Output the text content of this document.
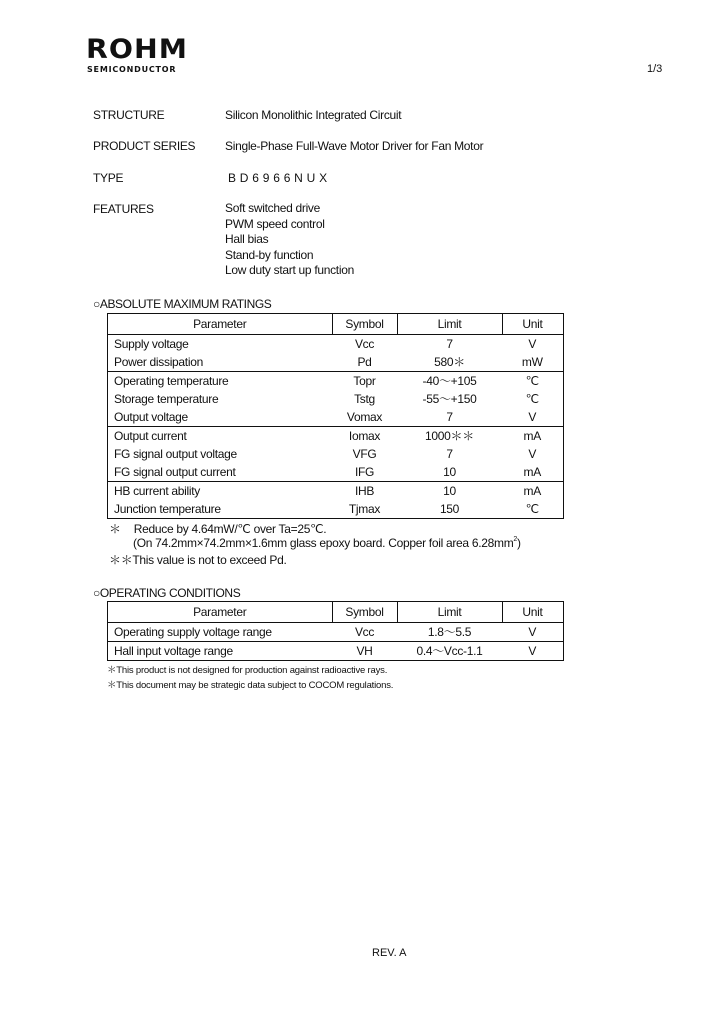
ROHM
SEMICONDUCTOR	1/3
STRUCTURE	Silicon Monolithic Integrated Circuit
PRODUCT SERIES Single-Phase Full-Wave Motor Driver for Fan Motor
TYPE	BD6966NUX
FEATURES	Soft switched drive
PWM speed control
Hall bias
Stand-by function
Low duty start up function
○ABSOLUTE MAXIMUM RATINGS
Parameter	Symbol	Limit	Unit
Supply voltage	Vcc	7	V
Power dissipation	Pd	580＊	mW
Operating temperature	Topr	-40～+105	℃
Storage temperature	Tstg	-55～+150	℃
Output voltage	Vomax	7	V
Output current	Iomax	1000＊＊	mA
FG signal output voltage	VFG	7	V
FG signal output current	IFG	10	mA
HB current ability	IHB	10	mA
Junction temperature	Tjmax	150	℃
＊ Reduce by 4.64mW/℃ over Ta=25℃.
(On 74.2mm×74.2mm×1.6mm glass epoxy board. Copper foil area $6.28mm^2$)
＊＊This value is not to exceed Pd.
○OPERATING CONDITIONS
Parameter	Symbol	Limit	Unit
Operating supply voltage range	Vcc	1.8～5.5	V
Hall input voltage range	VH	0.4～Vcc-1.1	V
＊This product is not designed for production against radioactive rays.
＊This document may be strategic data subject to COCOM regulations.
REV. A
